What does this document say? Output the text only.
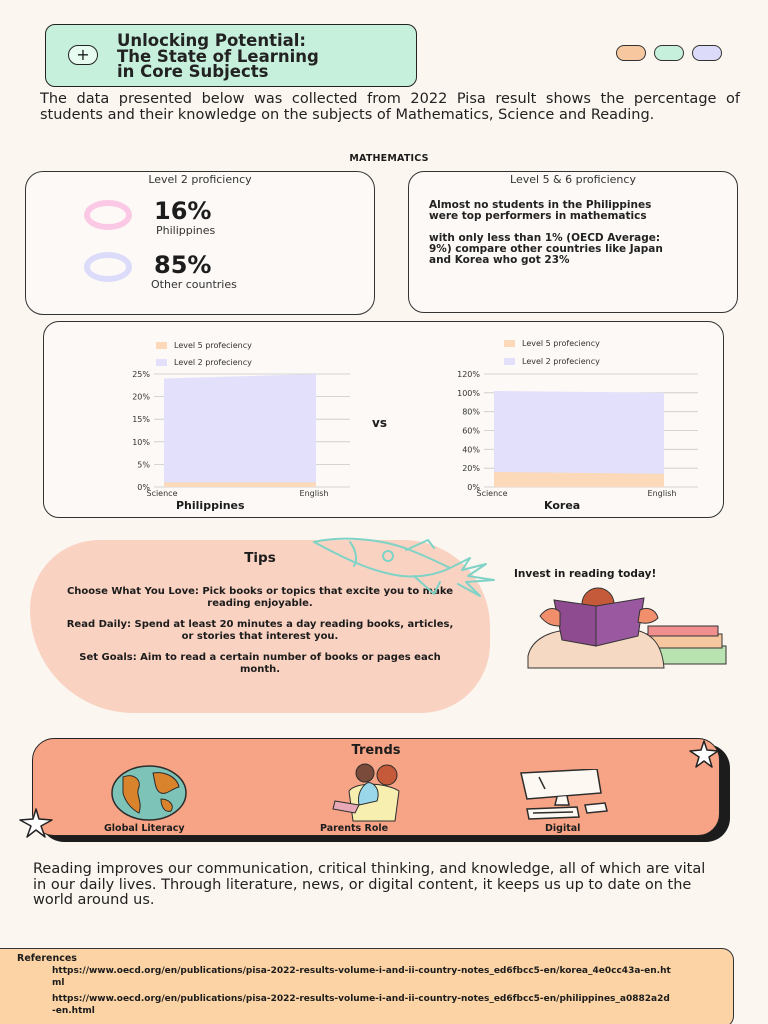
+
Unlocking Potential:
The State of Learning
in Core Subjects
The data presented below was collected from 2022 Pisa result shows the percentage of students and their knowledge on the subjects of Mathematics, Science and Reading.
MATHEMATICS
Level 2 proficiency
16%
Philippines
85%
Other countries
Level 5 & 6 proficiency

Almost no students in the Philippines were top performers in mathematics

with only less than 1% (OECD Average: 9%) compare other countries like Japan and Korea who got 23%

Level 5 profeciency
Level 2 profeciency
Level 5 profeciency
Level 2 profeciency
0%
5%
10%
15%
20%
25%
Science	English
0%
20%
40%
60%
80%
100%
120%
Science	English
vs
Philippines	Korea
Tips

Choose What You Love: Pick books or topics that excite you to make reading enjoyable.

Read Daily: Spend at least 20 minutes a day reading books, articles, or stories that interest you.

Set Goals: Aim to read a certain number of books or pages each month.

Invest in reading today!
Trends
Global Literacy	Parents Role	Digital
Reading improves our communication, critical thinking, and knowledge, all of which are vital in our daily lives. Through literature, news, or digital content, it keeps us up to date on the world around us.
References
https://www.oecd.org/en/publications/pisa-2022-results-volume-i-and-ii-country-notes_ed6fbcc5-en/korea_4e0cc43a-en.html
https://www.oecd.org/en/publications/pisa-2022-results-volume-i-and-ii-country-notes_ed6fbcc5-en/philippines_a0882a2d-en.html
